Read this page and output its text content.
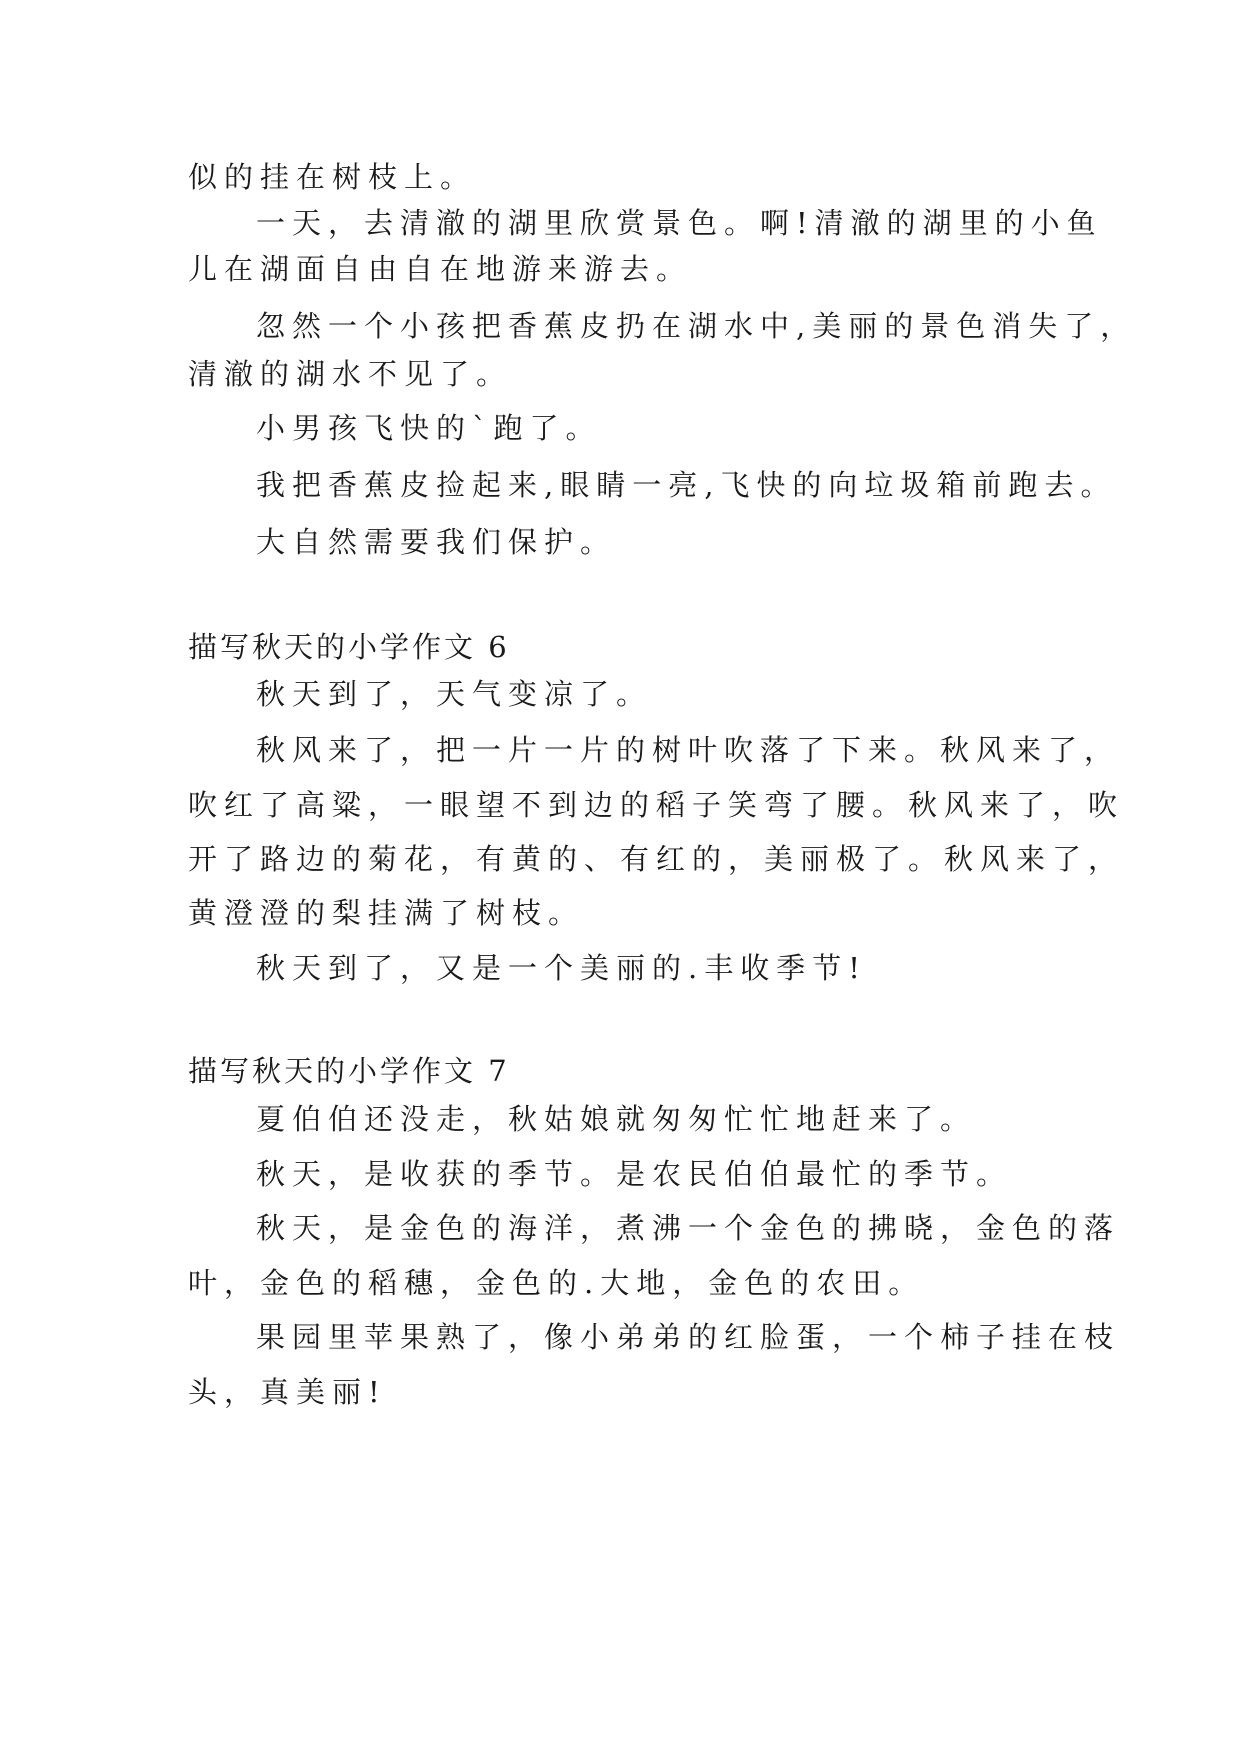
似的挂在树枝上。
一天，去清澈的湖里欣赏景色。啊!清澈的湖里的小鱼
儿在湖面自由自在地游来游去。
忽然一个小孩把香蕉皮扔在湖水中,美丽的景色消失了，
清澈的湖水不见了。
小男孩飞快的`跑了。
我把香蕉皮捡起来,眼睛一亮,飞快的向垃圾箱前跑去。
大自然需要我们保护。
描写秋天的小学作文 6
秋天到了，天气变凉了。
秋风来了，把一片一片的树叶吹落了下来。秋风来了，
吹红了高粱，一眼望不到边的稻子笑弯了腰。秋风来了，吹
开了路边的菊花，有黄的、有红的，美丽极了。秋风来了，
黄澄澄的梨挂满了树枝。
秋天到了，又是一个美丽的.丰收季节!
描写秋天的小学作文 7
夏伯伯还没走，秋姑娘就匆匆忙忙地赶来了。
秋天，是收获的季节。是农民伯伯最忙的季节。
秋天，是金色的海洋，煮沸一个金色的拂晓，金色的落
叶，金色的稻穗，金色的.大地，金色的农田。
果园里苹果熟了，像小弟弟的红脸蛋，一个柿子挂在枝
头，真美丽!
